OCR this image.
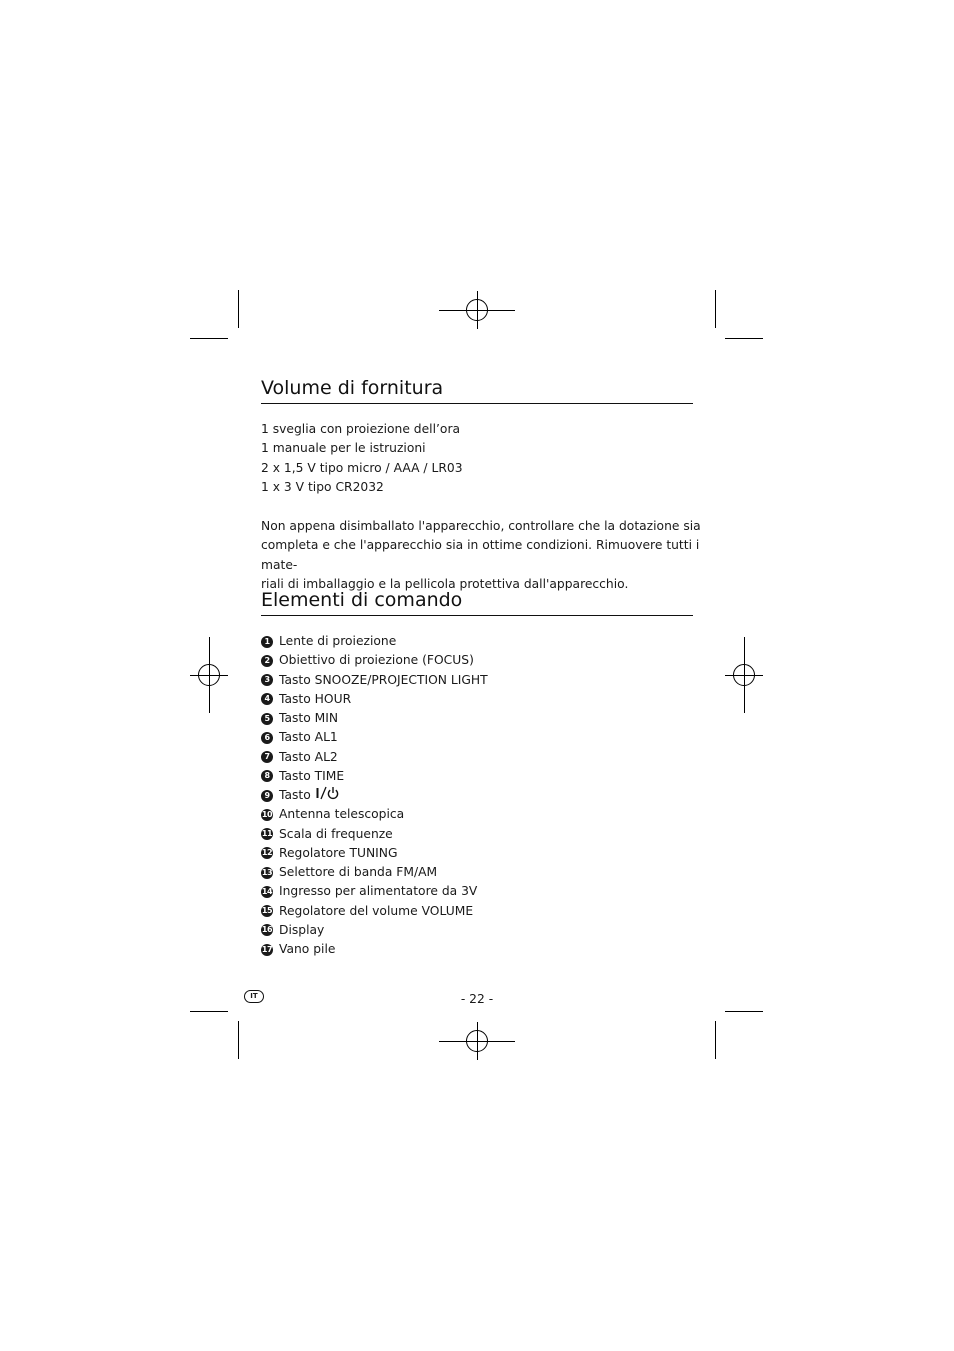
Volume di fornitura

1 sveglia con proiezione dell’ora

1 manuale per le istruzioni

2 x 1,5 V tipo micro / AAA / LR03

1 x 3 V tipo CR2032

Non appena disimballato l'apparecchio, controllare che la dotazione sia

completa e che l'apparecchio sia in ottime condizioni. Rimuovere tutti i mate-

riali di imballaggio e la pellicola protettiva dall'apparecchio.

Elementi di comando
1 Lente di proiezione
2 Obiettivo di proiezione (FOCUS)
3 Tasto SNOOZE/PROJECTION LIGHT
4 Tasto HOUR
5 Tasto MIN
6 Tasto AL1
7 Tasto AL2
8 Tasto TIME
9 Tasto
10 Antenna telescopica
11 Scala di frequenze
12 Regolatore TUNING
13 Selettore di banda FM/AM
14 Ingresso per alimentatore da 3V
15 Regolatore del volume VOLUME
16 Display
17 Vano pile
IT	- 22 -
